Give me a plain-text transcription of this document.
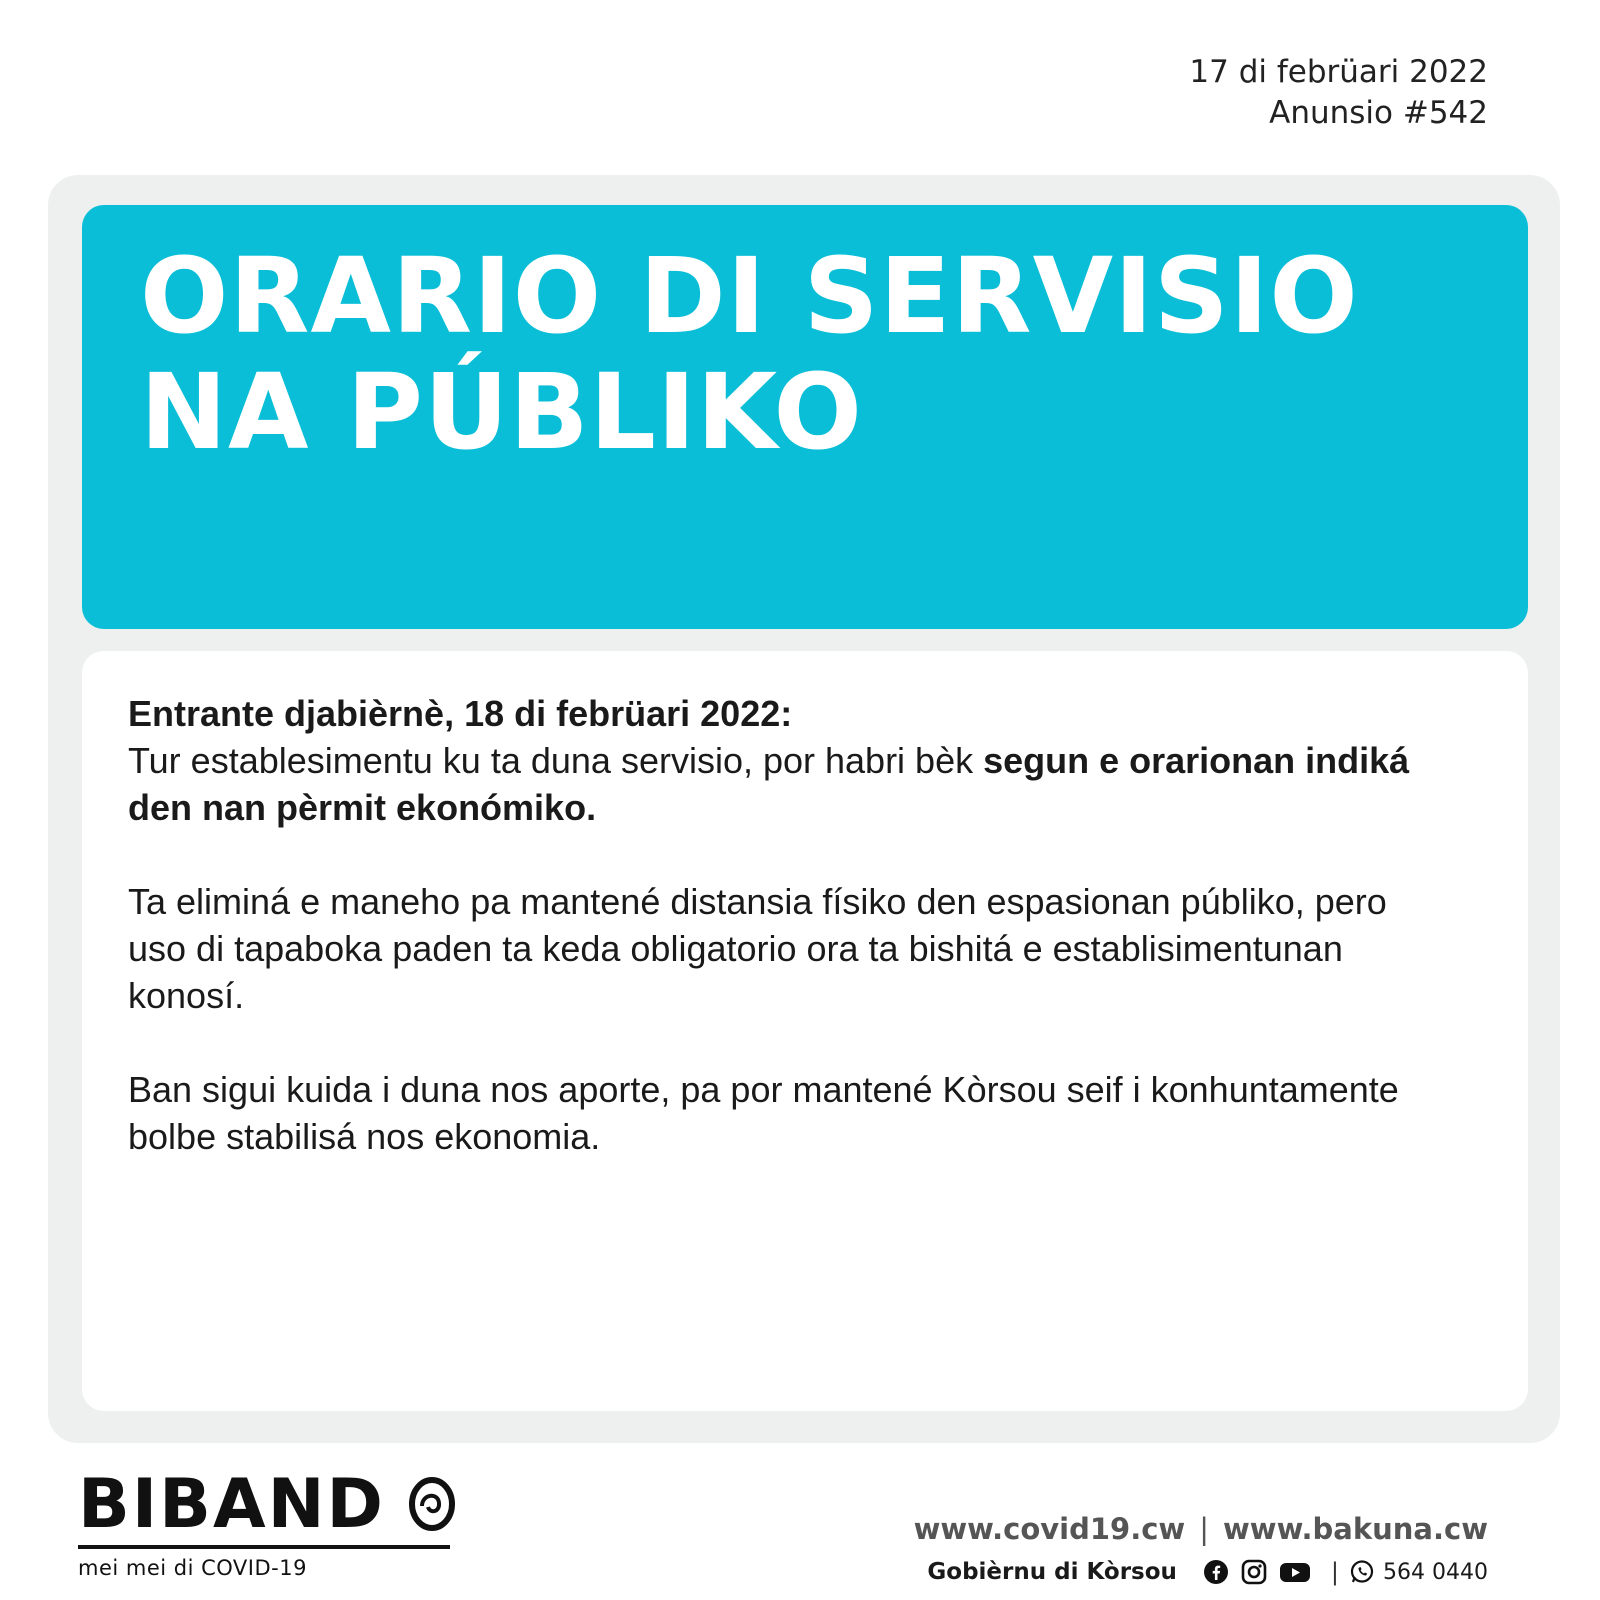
17 di febrüari 2022
Anunsio #542
ORARIO DI SERVISIO
NA PÚBLIKO

Entrante djabièrnè, 18 di febrüari 2022:
Tur establesimentu ku ta duna servisio, por habri bèk segun e orarionan indiká den nan pèrmit ekonómiko.

Ta eliminá e maneho pa mantené distansia físiko den espasionan públiko, pero uso di tapaboka paden ta keda obligatorio ora ta bishitá e establisimentunan konosí.

Ban sigui kuida i duna nos aporte, pa por mantené Kòrsou seif i konhuntamente bolbe stabilisá nos ekonomia.

BIBAND
mei mei di COVID-19
www.covid19.cw | www.bakuna.cw
Gobièrnu di Kòrsou	| 564 0440
